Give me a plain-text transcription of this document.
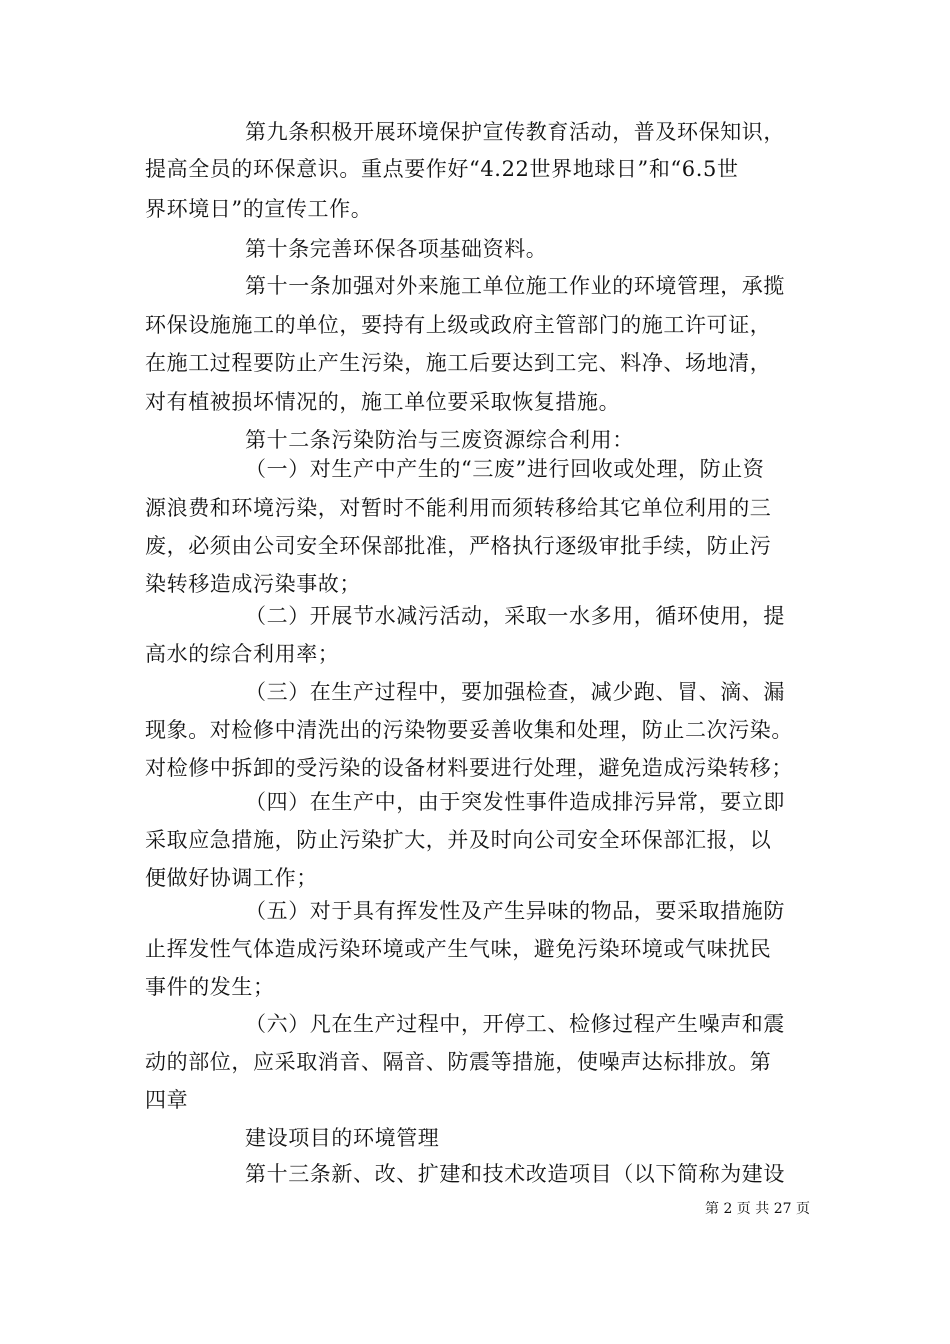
第九条积极开展环境保护宣传教育活动，普及环保知识，
提高全员的环保意识。重点要作好“4.22世界地球日”和“6.5世
界环境日”的宣传工作。
第十条完善环保各项基础资料。
第十一条加强对外来施工单位施工作业的环境管理，承揽
环保设施施工的单位，要持有上级或政府主管部门的施工许可证，
在施工过程要防止产生污染，施工后要达到工完、料净、场地清，
对有植被损坏情况的，施工单位要采取恢复措施。
第十二条污染防治与三废资源综合利用：
（一）对生产中产生的“三废”进行回收或处理，防止资
源浪费和环境污染，对暂时不能利用而须转移给其它单位利用的三
废，必须由公司安全环保部批准，严格执行逐级审批手续，防止污
染转移造成污染事故；
（二）开展节水减污活动，采取一水多用，循环使用，提
高水的综合利用率；
（三）在生产过程中，要加强检查，减少跑、冒、滴、漏
现象。对检修中清洗出的污染物要妥善收集和处理，防止二次污染。
对检修中拆卸的受污染的设备材料要进行处理，避免造成污染转移；
（四）在生产中，由于突发性事件造成排污异常，要立即
采取应急措施，防止污染扩大，并及时向公司安全环保部汇报，以
便做好协调工作；
（五）对于具有挥发性及产生异味的物品，要采取措施防
止挥发性气体造成污染环境或产生气味，避免污染环境或气味扰民
事件的发生；
（六）凡在生产过程中，开停工、检修过程产生噪声和震
动的部位，应采取消音、隔音、防震等措施，使噪声达标排放。第
四章
建设项目的环境管理
第十三条新、改、扩建和技术改造项目（以下简称为建设
第 2 页 共 27 页
